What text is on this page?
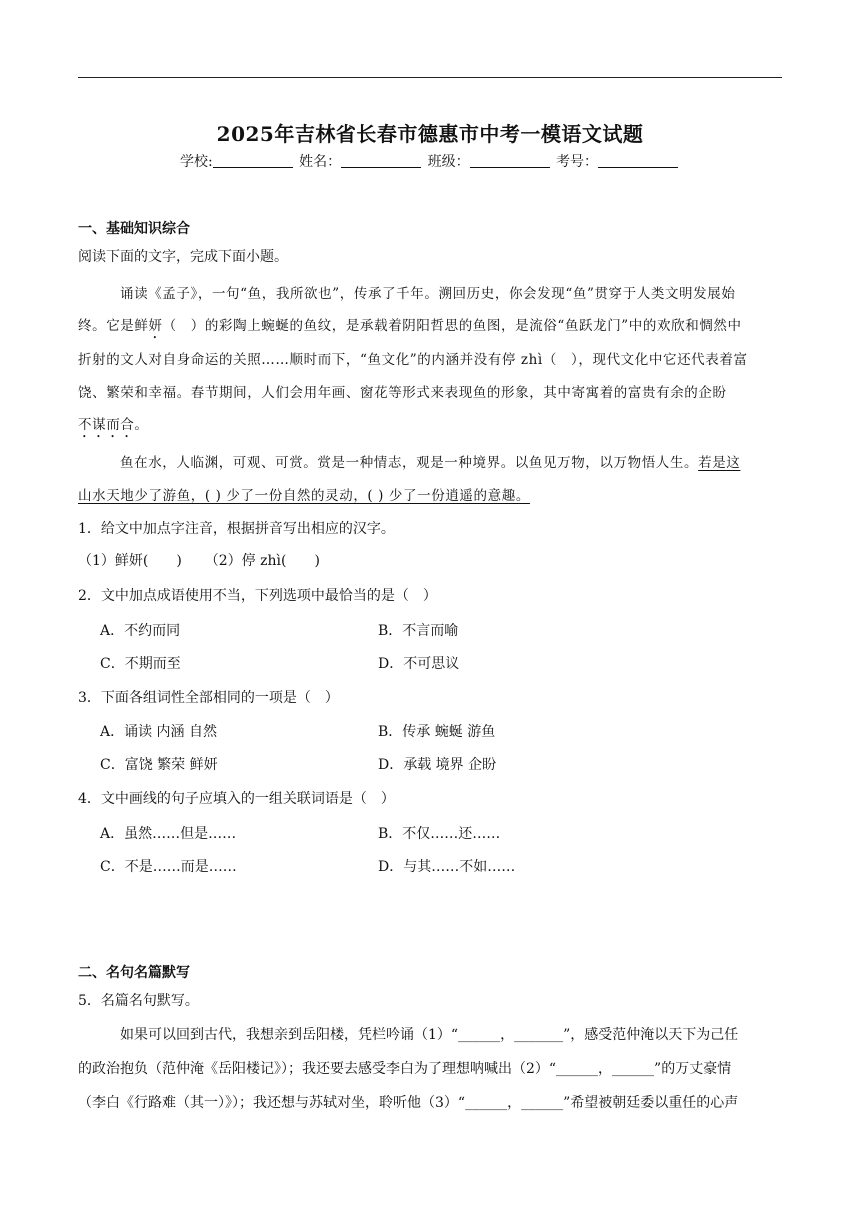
2025年吉林省长春市德惠市中考一模语文试题
学校:	姓名：	班级：	考号：
一、基础知识综合
阅读下面的文字，完成下面小题。
诵读《孟子》，一句“鱼，我所欲也”，传承了千年。溯回历史，你会发现“鱼”贯穿于人类文明发展始
终。它是鲜妍（　）的彩陶上蜿蜒的鱼纹，是承载着阴阳哲思的鱼图，是流俗“鱼跃龙门”中的欢欣和惆然中
折射的文人对自身命运的关照……顺时而下，“鱼文化”的内涵并没有停 zhì（　），现代文化中它还代表着富
饶、繁荣和幸福。春节期间，人们会用年画、窗花等形式来表现鱼的形象，其中寄寓着的富贵有余的企盼
不谋而合。
鱼在水，人临渊，可观、可赏。赏是一种情志，观是一种境界。以鱼见万物，以万物悟人生。若是这
山水天地少了游鱼，( ) 少了一份自然的灵动，( ) 少了一份逍遥的意趣。
1．给文中加点字注音，根据拼音写出相应的汉字。
（1）鲜妍(　　) （2）停 zhì(　　)
2．文中加点成语使用不当，下列选项中最恰当的是（　）
A．不约而同	B．不言而喻
C．不期而至	D．不可思议
3．下面各组词性全部相同的一项是（　）
A．诵读 内涵 自然	B．传承 蜿蜒 游鱼
C．富饶 繁荣 鲜妍	D．承载 境界 企盼
4．文中画线的句子应填入的一组关联词语是（　）
A．虽然……但是……	B．不仅……还……
C．不是……而是……	D．与其……不如……
二、名句名篇默写
5．名篇名句默写。
如果可以回到古代，我想亲到岳阳楼，凭栏吟诵（1）“______，_______”，感受范仲淹以天下为己任
的政治抱负（范仲淹《岳阳楼记》）；我还要去感受李白为了理想呐喊出（2）“______，______”的万丈豪情
（李白《行路难（其一）》）；我还想与苏轼对坐，聆听他（3）“______，______”希望被朝廷委以重任的心声
